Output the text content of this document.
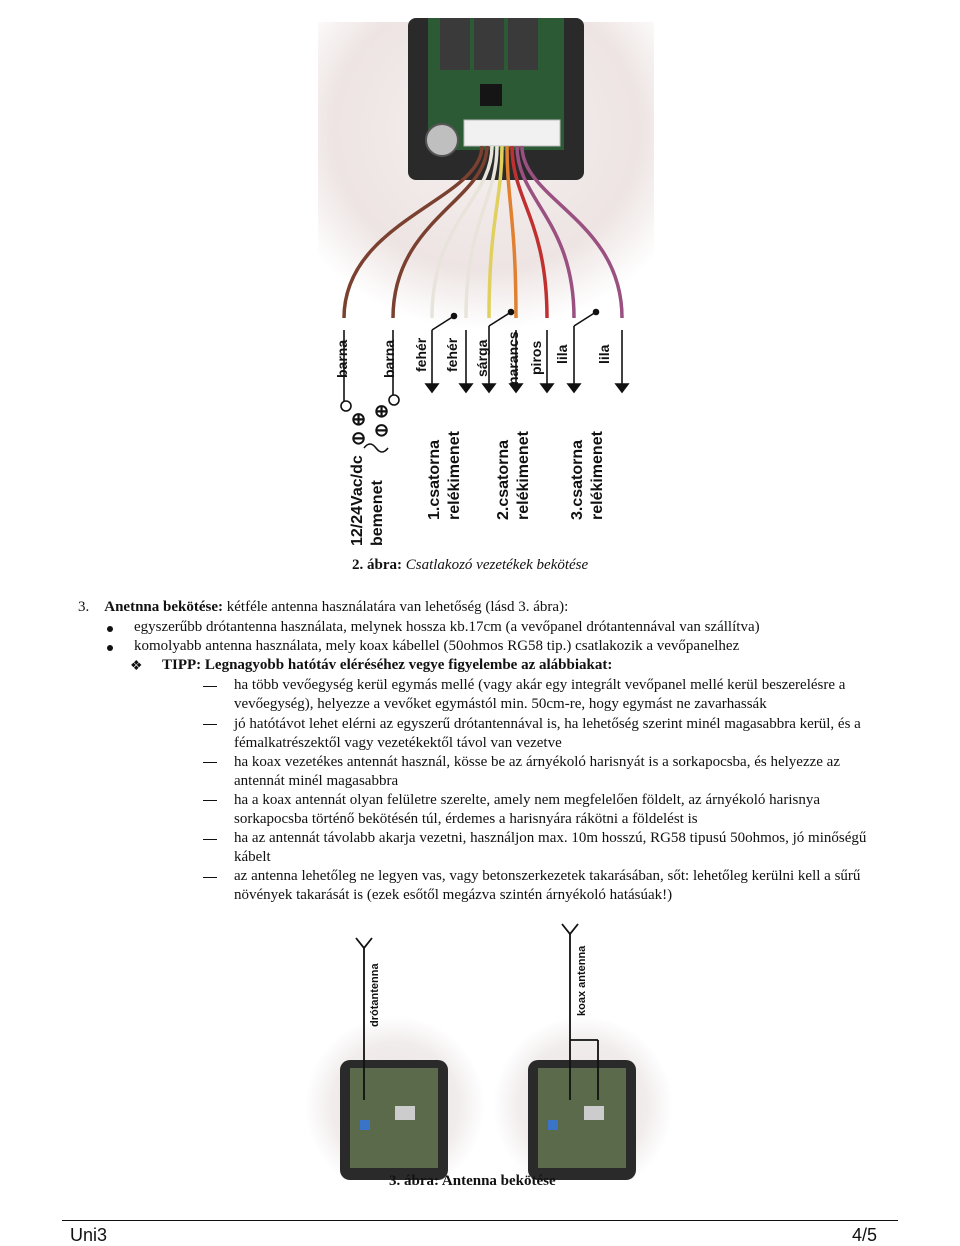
⊕
⊖
⊕
⊖
barna barna fehér fehér sárga narancs piros lila lila
12/24Vac/dc bemenet	1.csatorna relékimenet 2.csatorna relékimenet 3.csatorna relékimenet
2. ábra: Csatlakozó vezetékek bekötése
3. Anetnna bekötése: kétféle antenna használatára van lehetőség (lásd 3. ábra):
egyszerűbb drótantenna használata, melynek hossza kb.17cm (a vevőpanel drótantennával van szállítva)
komolyabb antenna használata, mely koax kábellel (50ohmos RG58 tip.) csatlakozik a vevőpanelhez
❖ TIPP: Legnagyobb hatótáv eléréséhez vegye figyelembe az alábbiakat:
ha több vevőegység kerül egymás mellé (vagy akár egy integrált vevőpanel mellé kerül beszerelésre a
vevőegység), helyezze a vevőket egymástól min. 50cm-re, hogy egymást ne zavarhassák
jó hatótávot lehet elérni az egyszerű drótantennával is, ha lehetőség szerint minél magasabbra kerül, és a
fémalkatrészektől vagy vezetékektől távol van vezetve
ha koax vezetékes antennát használ, kösse be az árnyékoló harisnyát is a sorkapocsba, és helyezze az
antennát minél magasabbra
ha a koax antennát olyan felületre szerelte, amely nem megfelelően földelt, az árnyékoló harisnya
sorkapocsba történő bekötésén túl, érdemes a harisnyára rákötni a földelést is
ha az antennát távolabb akarja vezetni, használjon max. 10m hosszú, RG58 tipusú 50ohmos, jó minőségű
kábelt
az antenna lehetőleg ne legyen vas, vagy betonszerkezetek takarásában, sőt: lehetőleg kerülni kell a sűrű
növények takarását is (ezek esőtől megázva szintén árnyékoló hatásúak!)
drótantenna	koax antenna
3. ábra: Antenna bekötése
Uni3	4/5
